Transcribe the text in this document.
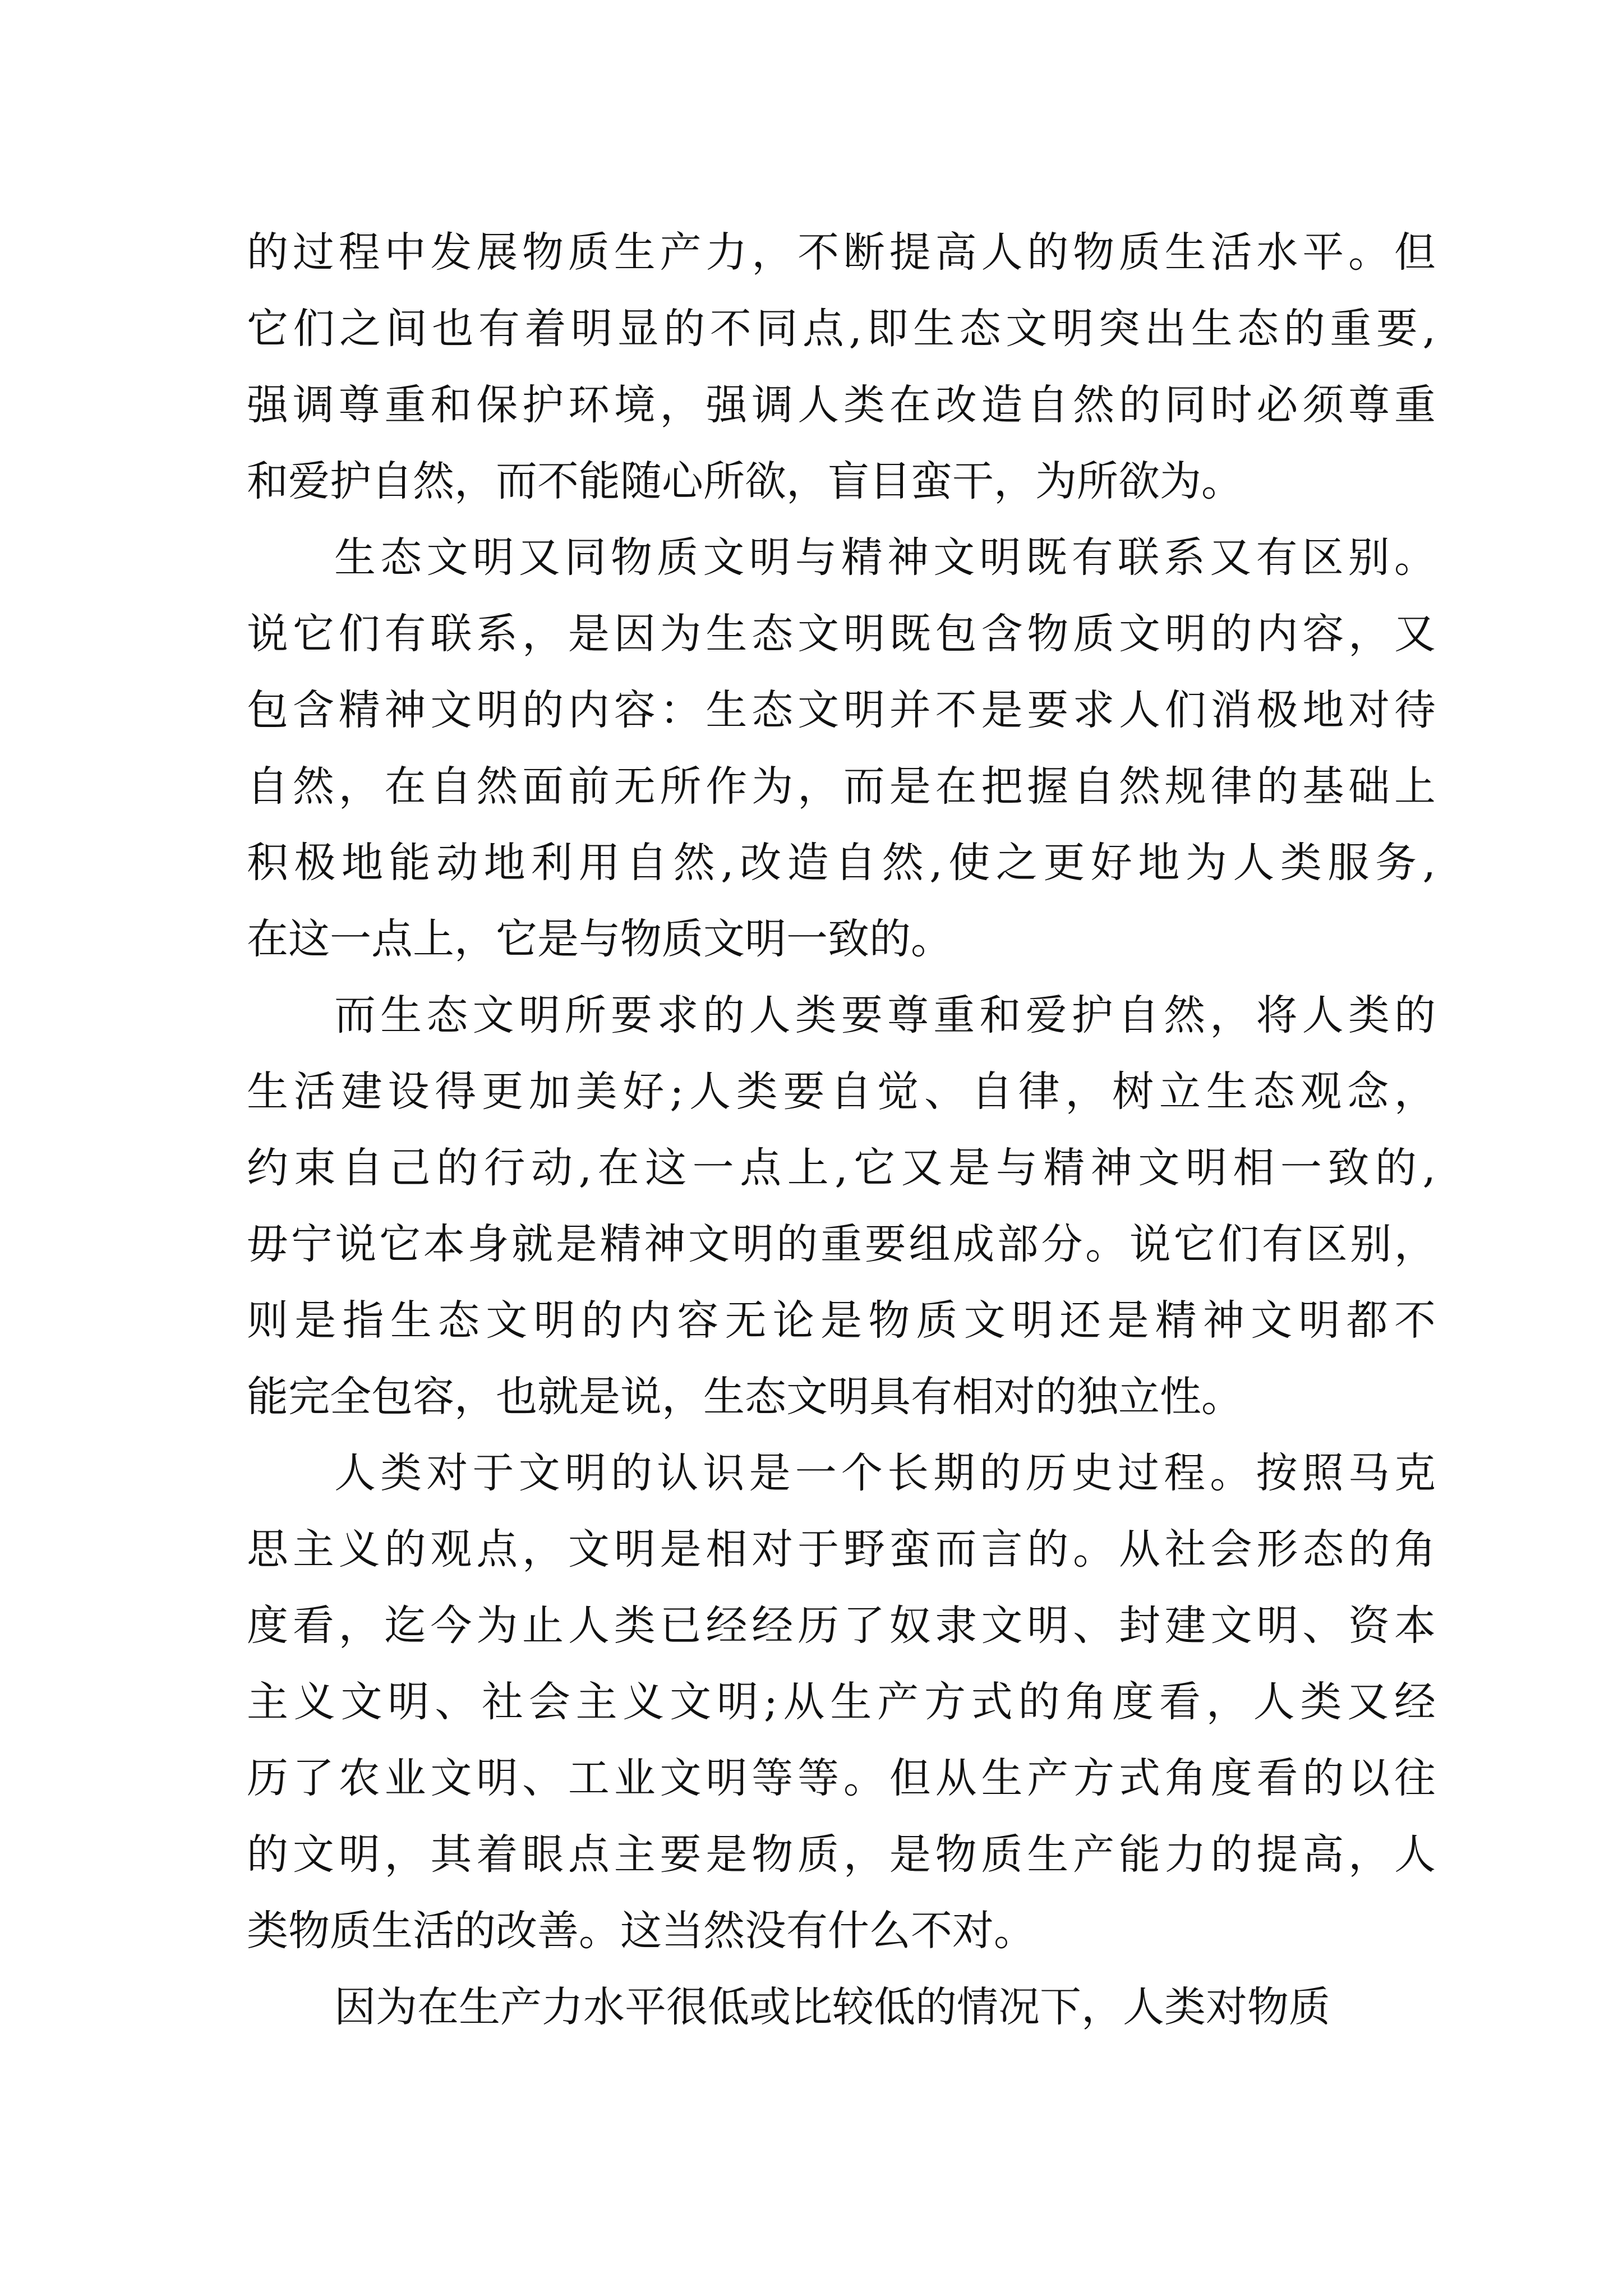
的过程中发展物质生产力，不断提高人的物质生活水平。但
它们之间也有着明显的不同点,即生态文明突出生态的重要,
强调尊重和保护环境，强调人类在改造自然的同时必须尊重
和爱护自然，而不能随心所欲，盲目蛮干，为所欲为。
生态文明又同物质文明与精神文明既有联系又有区别。
说它们有联系，是因为生态文明既包含物质文明的内容，又
包含精神文明的内容：生态文明并不是要求人们消极地对待
自然，在自然面前无所作为，而是在把握自然规律的基础上
积极地能动地利用自然,改造自然,使之更好地为人类服务,
在这一点上，它是与物质文明一致的。
而生态文明所要求的人类要尊重和爱护自然，将人类的
生活建设得更加美好;人类要自觉、自律，树立生态观念，
约束自己的行动,在这一点上,它又是与精神文明相一致的,
毋宁说它本身就是精神文明的重要组成部分。说它们有区别，
则是指生态文明的内容无论是物质文明还是精神文明都不
能完全包容，也就是说，生态文明具有相对的独立性。
人类对于文明的认识是一个长期的历史过程。按照马克
思主义的观点，文明是相对于野蛮而言的。从社会形态的角
度看，迄今为止人类已经经历了奴隶文明、封建文明、资本
主义文明、社会主义文明;从生产方式的角度看，人类又经
历了农业文明、工业文明等等。但从生产方式角度看的以往
的文明，其着眼点主要是物质，是物质生产能力的提高，人
类物质生活的改善。这当然没有什么不对。
因为在生产力水平很低或比较低的情况下，人类对物质
